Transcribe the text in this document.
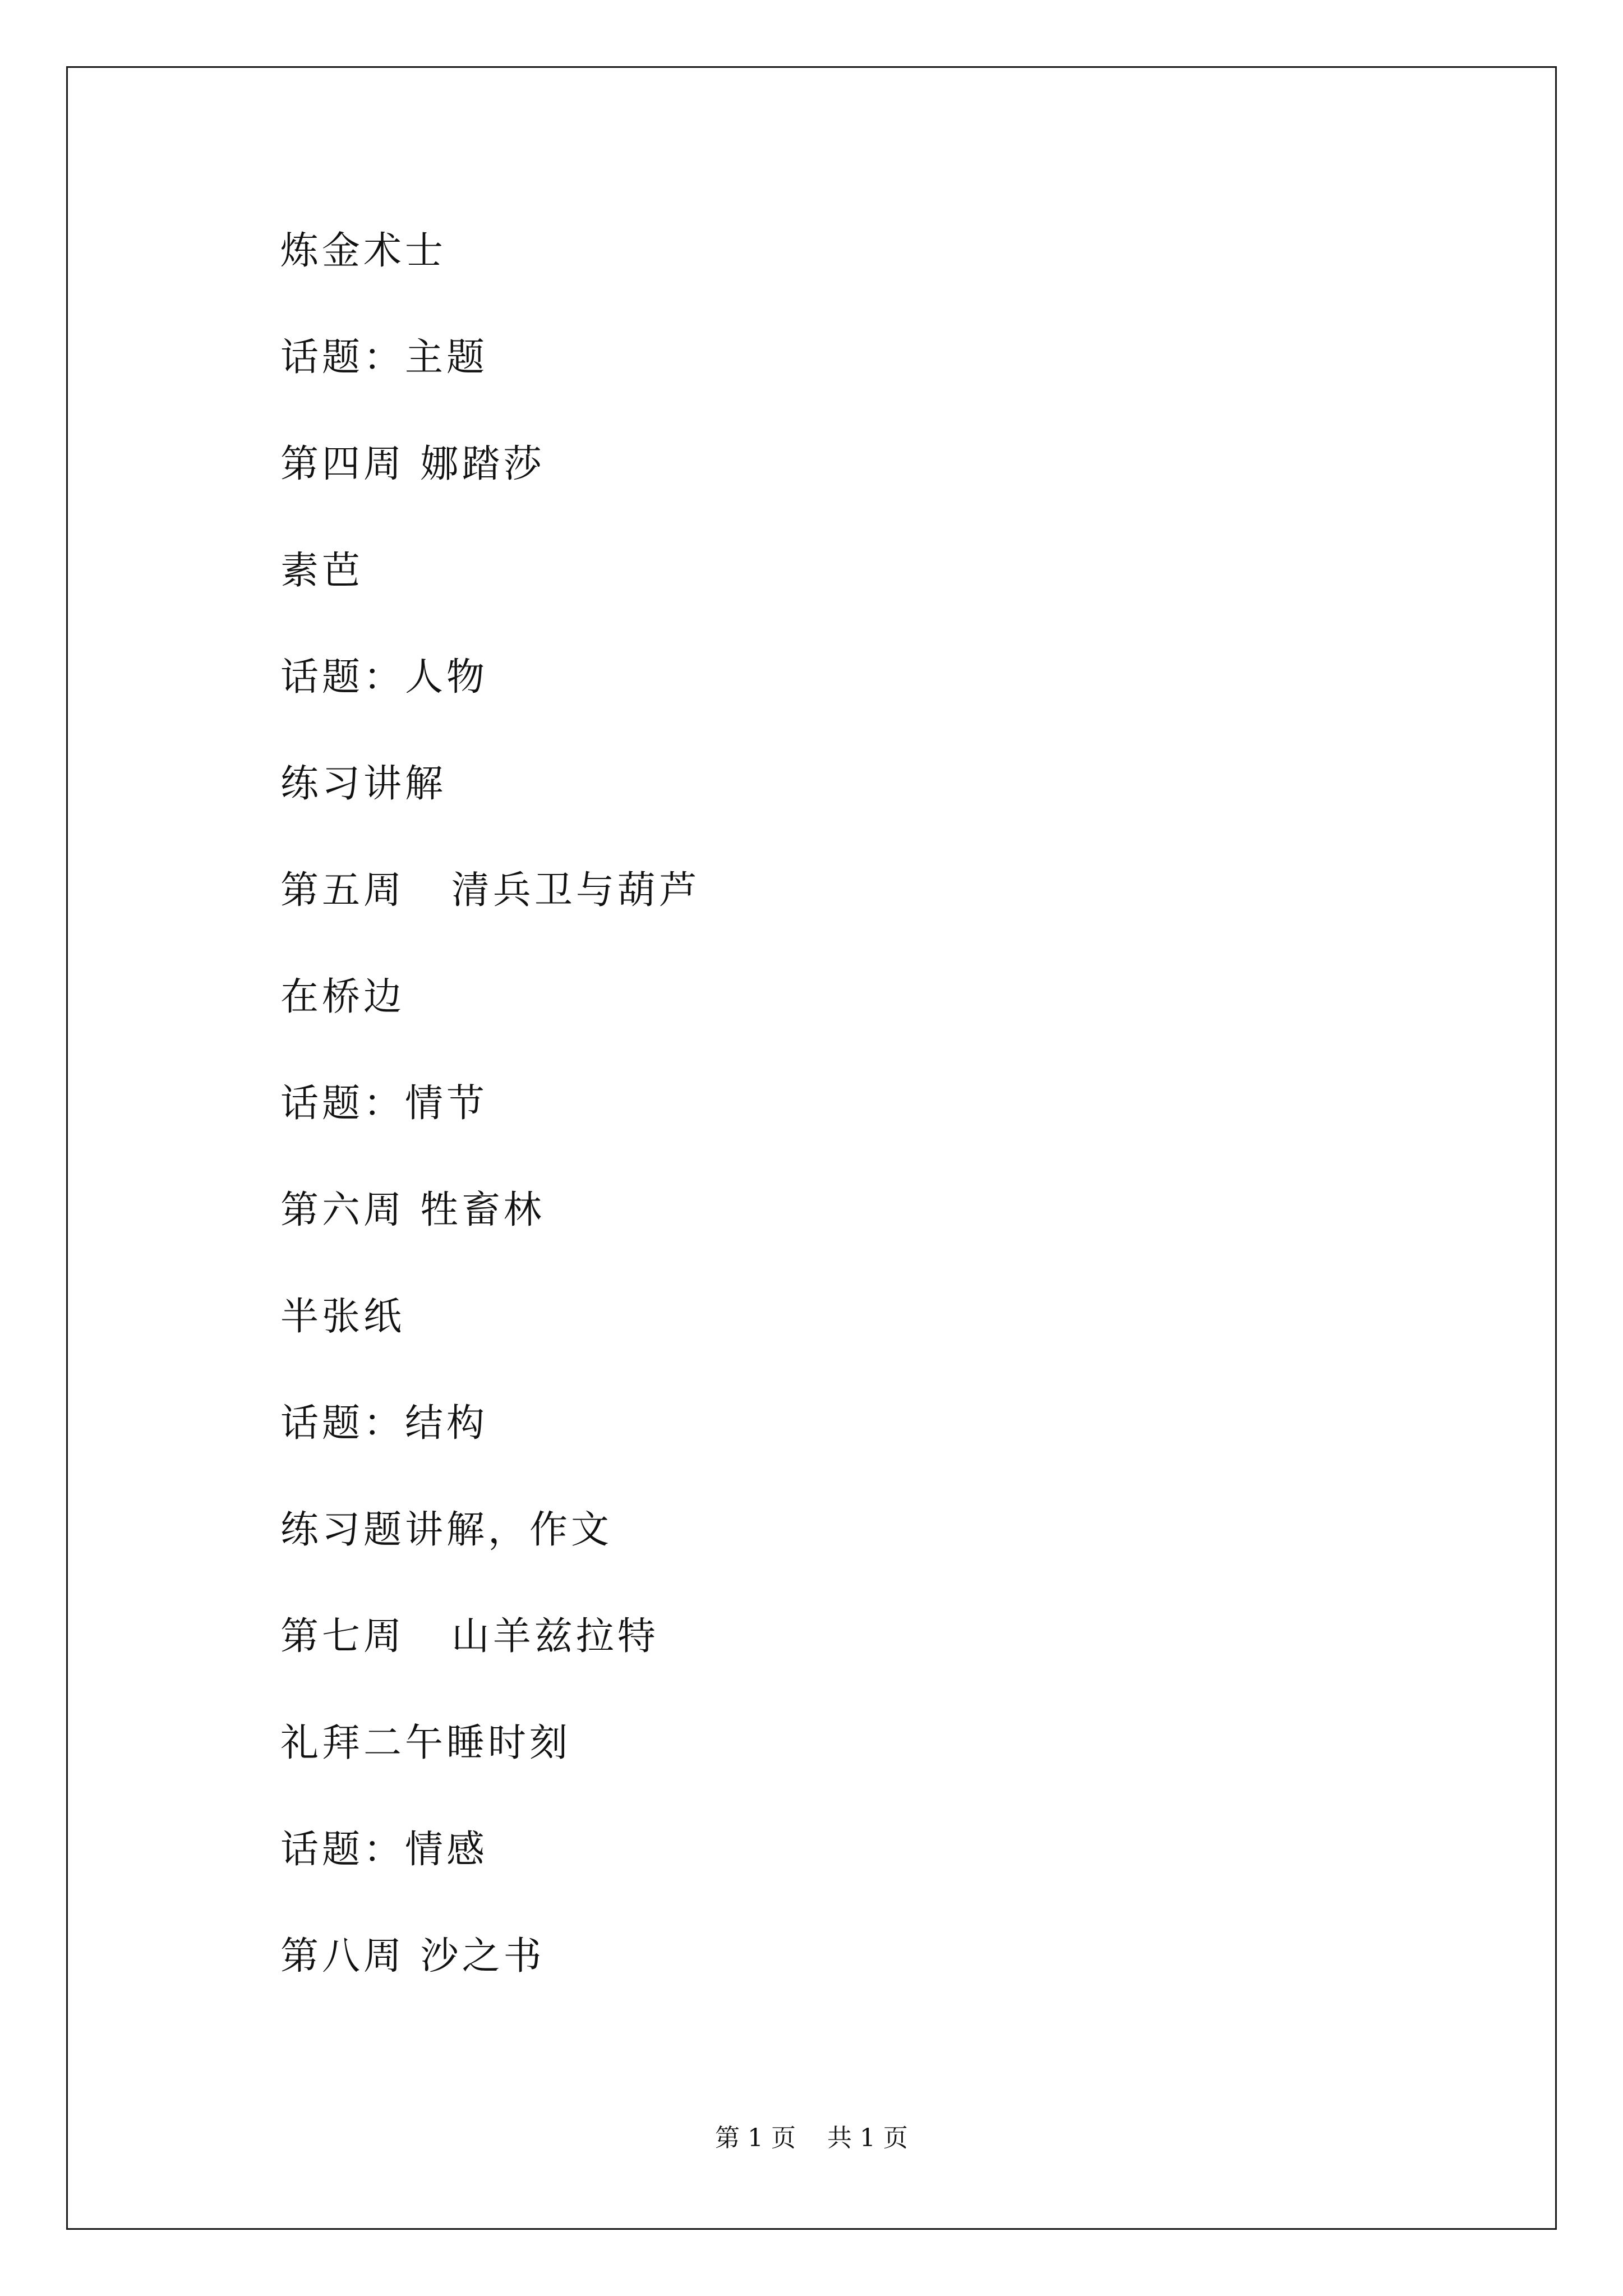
炼金术士
话题：主题
第四周 娜踏莎
素芭
话题：人物
练习讲解
第五周   清兵卫与葫芦
在桥边
话题：情节
第六周 牲畜林
半张纸
话题：结构
练习题讲解，作文
第七周   山羊兹拉特
礼拜二午睡时刻
话题：情感
第八周 沙之书
第 1 页    共 1 页
